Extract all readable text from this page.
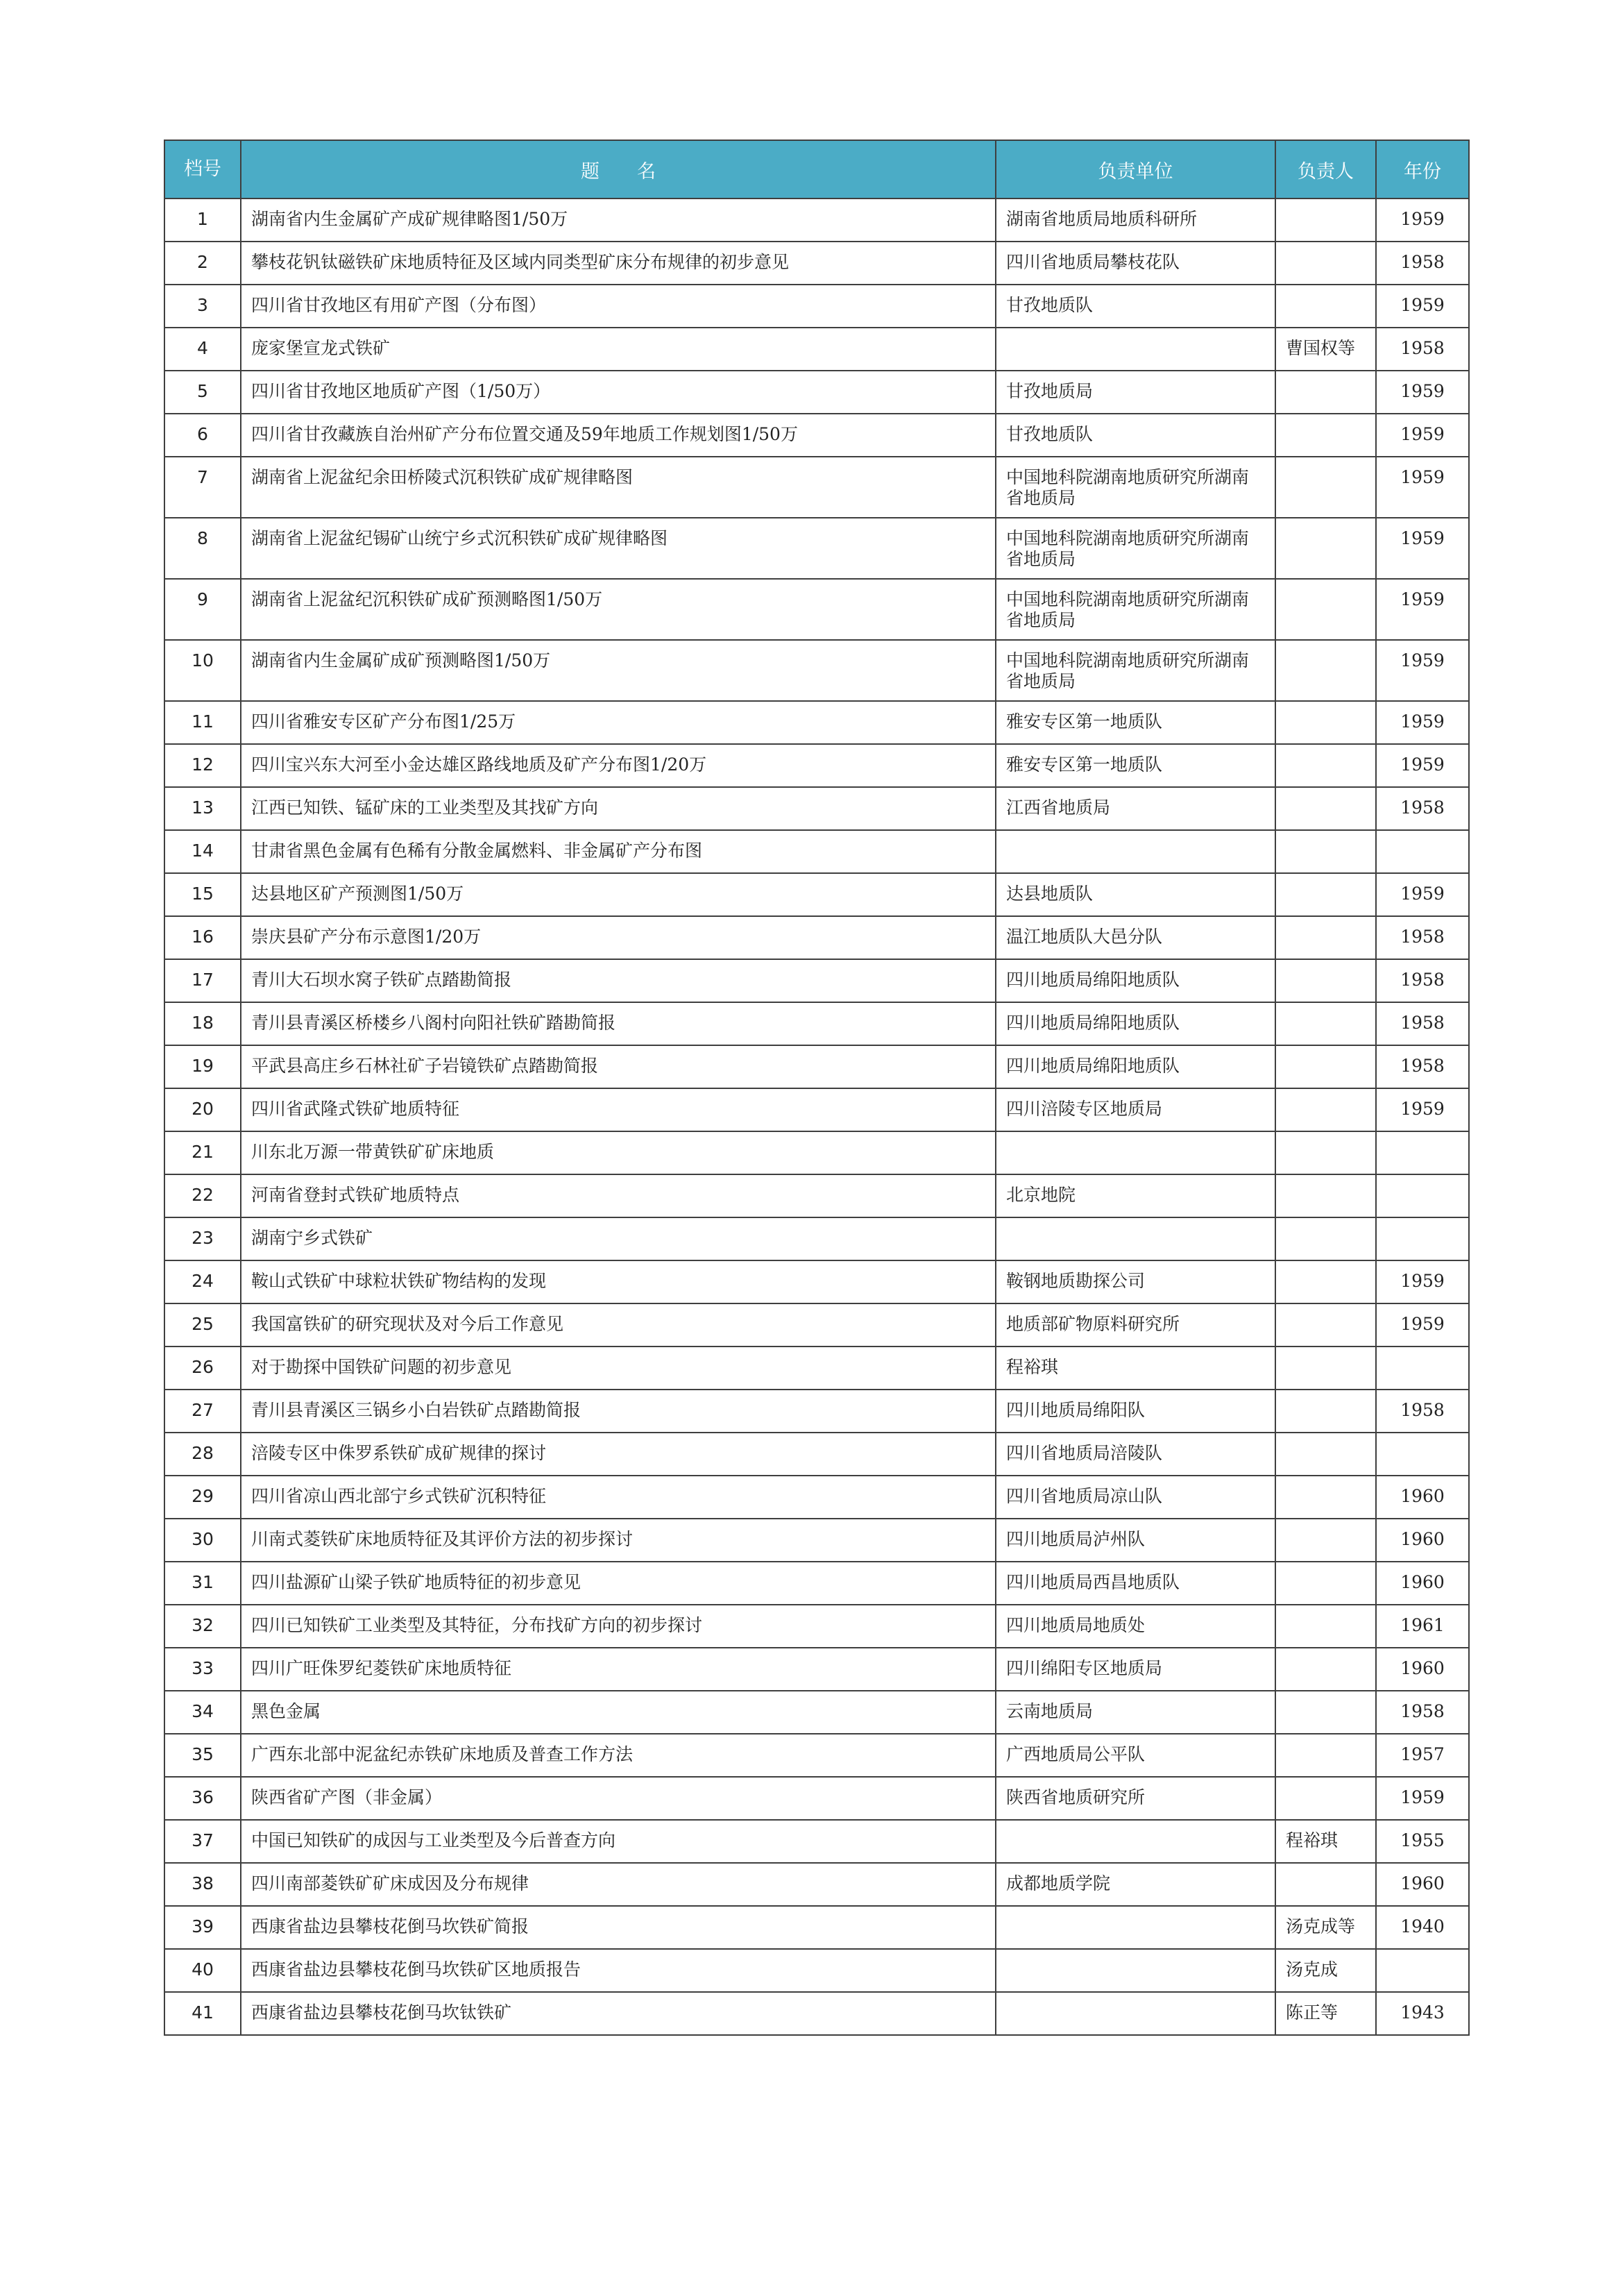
档号	题　　名	负责单位	负责人	年份
1	湖南省内生金属矿产成矿规律略图1/50万	湖南省地质局地质科研所		1959
2	攀枝花钒钛磁铁矿床地质特征及区域内同类型矿床分布规律的初步意见	四川省地质局攀枝花队		1958
3	四川省甘孜地区有用矿产图（分布图）	甘孜地质队		1959
4	庞家堡宣龙式铁矿		曹国权等	1958
5	四川省甘孜地区地质矿产图（1/50万）	甘孜地质局		1959
6	四川省甘孜藏族自治州矿产分布位置交通及59年地质工作规划图1/50万	甘孜地质队		1959
7	湖南省上泥盆纪余田桥陵式沉积铁矿成矿规律略图	中国地科院湖南地质研究所湖南省地质局		1959
8	湖南省上泥盆纪锡矿山统宁乡式沉积铁矿成矿规律略图	中国地科院湖南地质研究所湖南省地质局		1959
9	湖南省上泥盆纪沉积铁矿成矿预测略图1/50万	中国地科院湖南地质研究所湖南省地质局		1959
10	湖南省内生金属矿成矿预测略图1/50万	中国地科院湖南地质研究所湖南省地质局		1959
11	四川省雅安专区矿产分布图1/25万	雅安专区第一地质队		1959
12	四川宝兴东大河至小金达雄区路线地质及矿产分布图1/20万	雅安专区第一地质队		1959
13	江西已知铁、锰矿床的工业类型及其找矿方向	江西省地质局		1958
14	甘肃省黑色金属有色稀有分散金属燃料、非金属矿产分布图			
15	达县地区矿产预测图1/50万	达县地质队		1959
16	崇庆县矿产分布示意图1/20万	温江地质队大邑分队		1958
17	青川大石坝水窝子铁矿点踏勘简报	四川地质局绵阳地质队		1958
18	青川县青溪区桥楼乡八阁村向阳社铁矿踏勘简报	四川地质局绵阳地质队		1958
19	平武县高庄乡石林社矿子岩镜铁矿点踏勘简报	四川地质局绵阳地质队		1958
20	四川省武隆式铁矿地质特征	四川涪陵专区地质局		1959
21	川东北万源一带黄铁矿矿床地质			
22	河南省登封式铁矿地质特点	北京地院		
23	湖南宁乡式铁矿			
24	鞍山式铁矿中球粒状铁矿物结构的发现	鞍钢地质勘探公司		1959
25	我国富铁矿的研究现状及对今后工作意见	地质部矿物原料研究所		1959
26	对于勘探中国铁矿问题的初步意见	程裕琪		
27	青川县青溪区三锅乡小白岩铁矿点踏勘简报	四川地质局绵阳队		1958
28	涪陵专区中侏罗系铁矿成矿规律的探讨	四川省地质局涪陵队		
29	四川省凉山西北部宁乡式铁矿沉积特征	四川省地质局凉山队		1960
30	川南式菱铁矿床地质特征及其评价方法的初步探讨	四川地质局泸州队		1960
31	四川盐源矿山梁子铁矿地质特征的初步意见	四川地质局西昌地质队		1960
32	四川已知铁矿工业类型及其特征，分布找矿方向的初步探讨	四川地质局地质处		1961
33	四川广旺侏罗纪菱铁矿床地质特征	四川绵阳专区地质局		1960
34	黑色金属	云南地质局		1958
35	广西东北部中泥盆纪赤铁矿床地质及普查工作方法	广西地质局公平队		1957
36	陕西省矿产图（非金属）	陕西省地质研究所		1959
37	中国已知铁矿的成因与工业类型及今后普查方向		程裕琪	1955
38	四川南部菱铁矿矿床成因及分布规律	成都地质学院		1960
39	西康省盐边县攀枝花倒马坎铁矿简报		汤克成等	1940
40	西康省盐边县攀枝花倒马坎铁矿区地质报告		汤克成	
41	西康省盐边县攀枝花倒马坎钛铁矿		陈正等	1943
